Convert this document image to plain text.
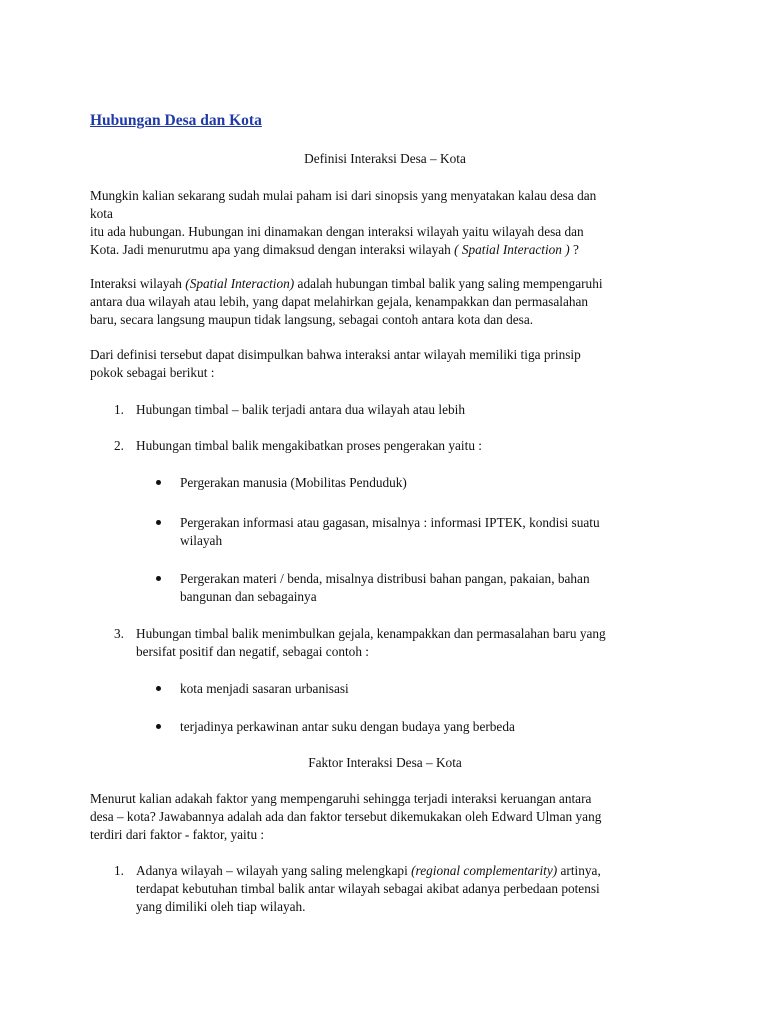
Hubungan Desa dan Kota
Definisi Interaksi Desa – Kota
Mungkin kalian sekarang sudah mulai paham isi dari sinopsis yang menyatakan kalau desa dan
kota
itu ada hubungan. Hubungan ini dinamakan dengan interaksi wilayah yaitu wilayah desa dan
Kota. Jadi menurutmu apa yang dimaksud dengan interaksi wilayah ( Spatial Interaction ) ?
Interaksi wilayah (Spatial Interaction) adalah hubungan timbal balik yang saling mempengaruhi
antara dua wilayah atau lebih, yang dapat melahirkan gejala, kenampakkan dan permasalahan
baru, secara langsung maupun tidak langsung, sebagai contoh antara kota dan desa.
Dari definisi tersebut dapat disimpulkan bahwa interaksi antar wilayah memiliki tiga prinsip
pokok sebagai berikut :
1. Hubungan timbal – balik terjadi antara dua wilayah atau lebih
2. Hubungan timbal balik mengakibatkan proses pengerakan yaitu :
Pergerakan manusia (Mobilitas Penduduk)
Pergerakan informasi atau gagasan, misalnya : informasi IPTEK, kondisi suatu
wilayah
Pergerakan materi / benda, misalnya distribusi bahan pangan, pakaian, bahan
bangunan dan sebagainya
3. Hubungan timbal balik menimbulkan gejala, kenampakkan dan permasalahan baru yang
bersifat positif dan negatif, sebagai contoh :
kota menjadi sasaran urbanisasi
terjadinya perkawinan antar suku dengan budaya yang berbeda
Faktor Interaksi Desa – Kota
Menurut kalian adakah faktor yang mempengaruhi sehingga terjadi interaksi keruangan antara
desa – kota? Jawabannya adalah ada dan faktor tersebut dikemukakan oleh Edward Ulman yang
terdiri dari faktor - faktor, yaitu :
1. Adanya wilayah – wilayah yang saling melengkapi (regional complementarity) artinya,
terdapat kebutuhan timbal balik antar wilayah sebagai akibat adanya perbedaan potensi
yang dimiliki oleh tiap wilayah.
